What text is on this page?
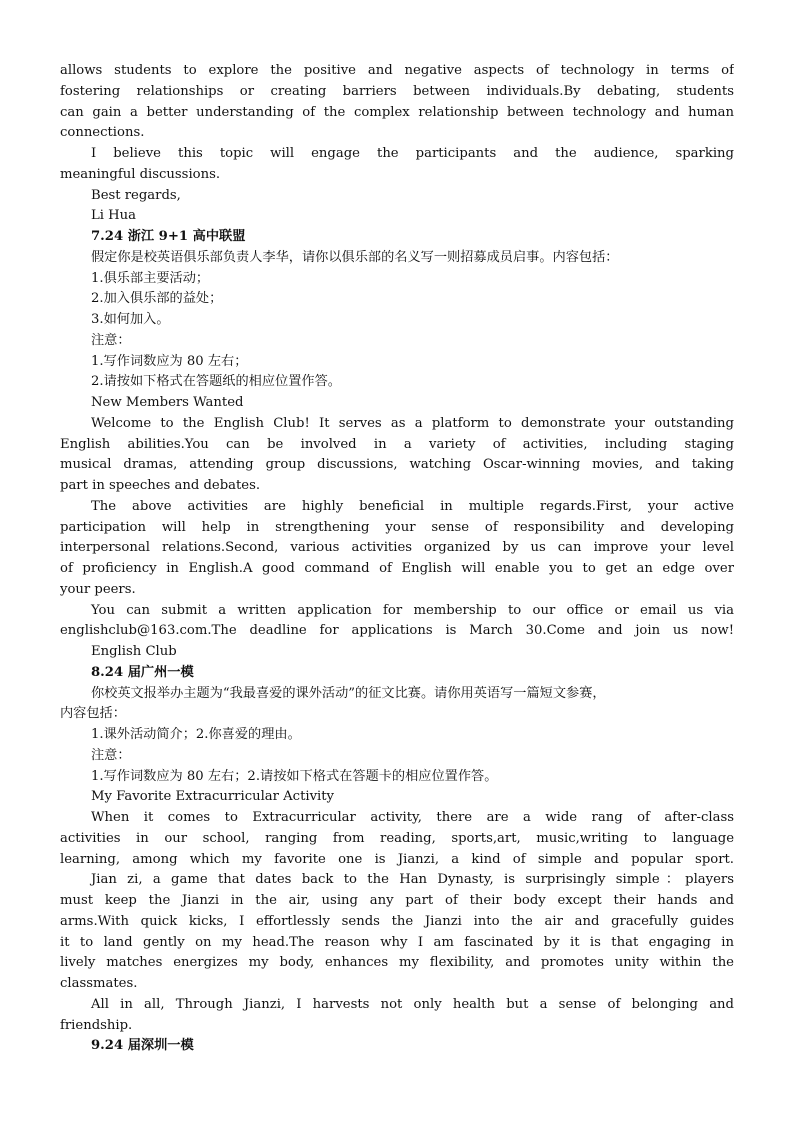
allows students to explore the positive and negative aspects of technology in terms of
fostering relationships or creating barriers between individuals.By debating, students
can gain a better understanding of the complex relationship between technology and human
connections.
I believe this topic will engage the participants and the audience, sparking
meaningful discussions.
Best regards,
Li Hua
7.24 浙江 9+1 高中联盟
假定你是校英语俱乐部负责人李华，请你以俱乐部的名义写一则招募成员启事。内容包括：
1.俱乐部主要活动；
2.加入俱乐部的益处；
3.如何加入。
注意：
1.写作词数应为 80 左右；
2.请按如下格式在答题纸的相应位置作答。
New Members Wanted
Welcome to the English Club! It serves as a platform to demonstrate your outstanding
English abilities.You can be involved in a variety of activities, including staging
musical dramas, attending group discussions, watching Oscar-winning movies, and taking
part in speeches and debates.
The above activities are highly beneficial in multiple regards.First, your active
participation will help in strengthening your sense of responsibility and developing
interpersonal relations.Second, various activities organized by us can improve your level
of proficiency in English.A good command of English will enable you to get an edge over
your peers.
You can submit a written application for membership to our office or email us via
englishclub@163.com.The deadline for applications is March 30.Come and join us now!
English Club
8.24 届广州一模
你校英文报举办主题为“我最喜爱的课外活动”的征文比赛。请你用英语写一篇短文参赛，
内容包括：
1.课外活动简介；2.你喜爱的理由。
注意：
1.写作词数应为 80 左右；2.请按如下格式在答题卡的相应位置作答。
My Favorite Extracurricular Activity
When it comes to Extracurricular activity, there are a wide rang of after-class
activities in our school, ranging from reading, sports,art, music,writing to language
learning, among which my favorite one is Jianzi, a kind of simple and popular sport.
Jian zi, a game that dates back to the Han Dynasty, is surprisingly simple：players
must keep the Jianzi in the air, using any part of their body except their hands and
arms.With quick kicks, I effortlessly sends the Jianzi into the air and gracefully guides
it to land gently on my head.The reason why I am fascinated by it is that engaging in
lively matches energizes my body, enhances my flexibility, and promotes unity within the
classmates.
All in all, Through Jianzi, I harvests not only health but a sense of belonging and
friendship.
9.24 届深圳一模
